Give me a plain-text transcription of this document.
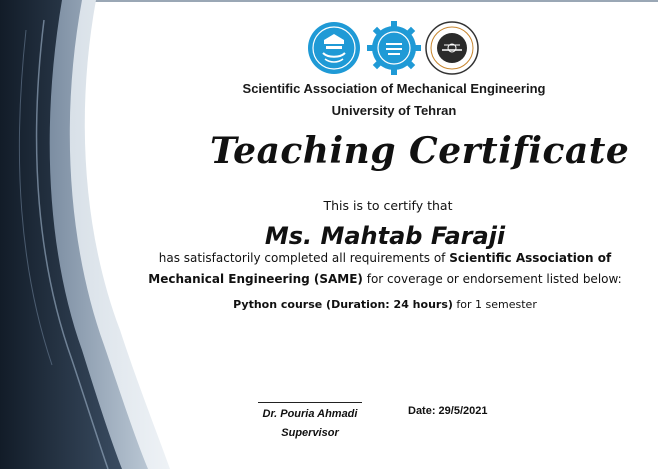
Scientific Association of Mechanical Engineering
University of Tehran
Teaching Certificate
This is to certify that
Ms. Mahtab Faraji
has satisfactorily completed all requirements of Scientific Association of
Mechanical Engineering (SAME) for coverage or endorsement listed below:
Python course (Duration: 24 hours) for 1 semester
Dr. Pouria Ahmadi
Supervisor
Date: 29/5/2021
